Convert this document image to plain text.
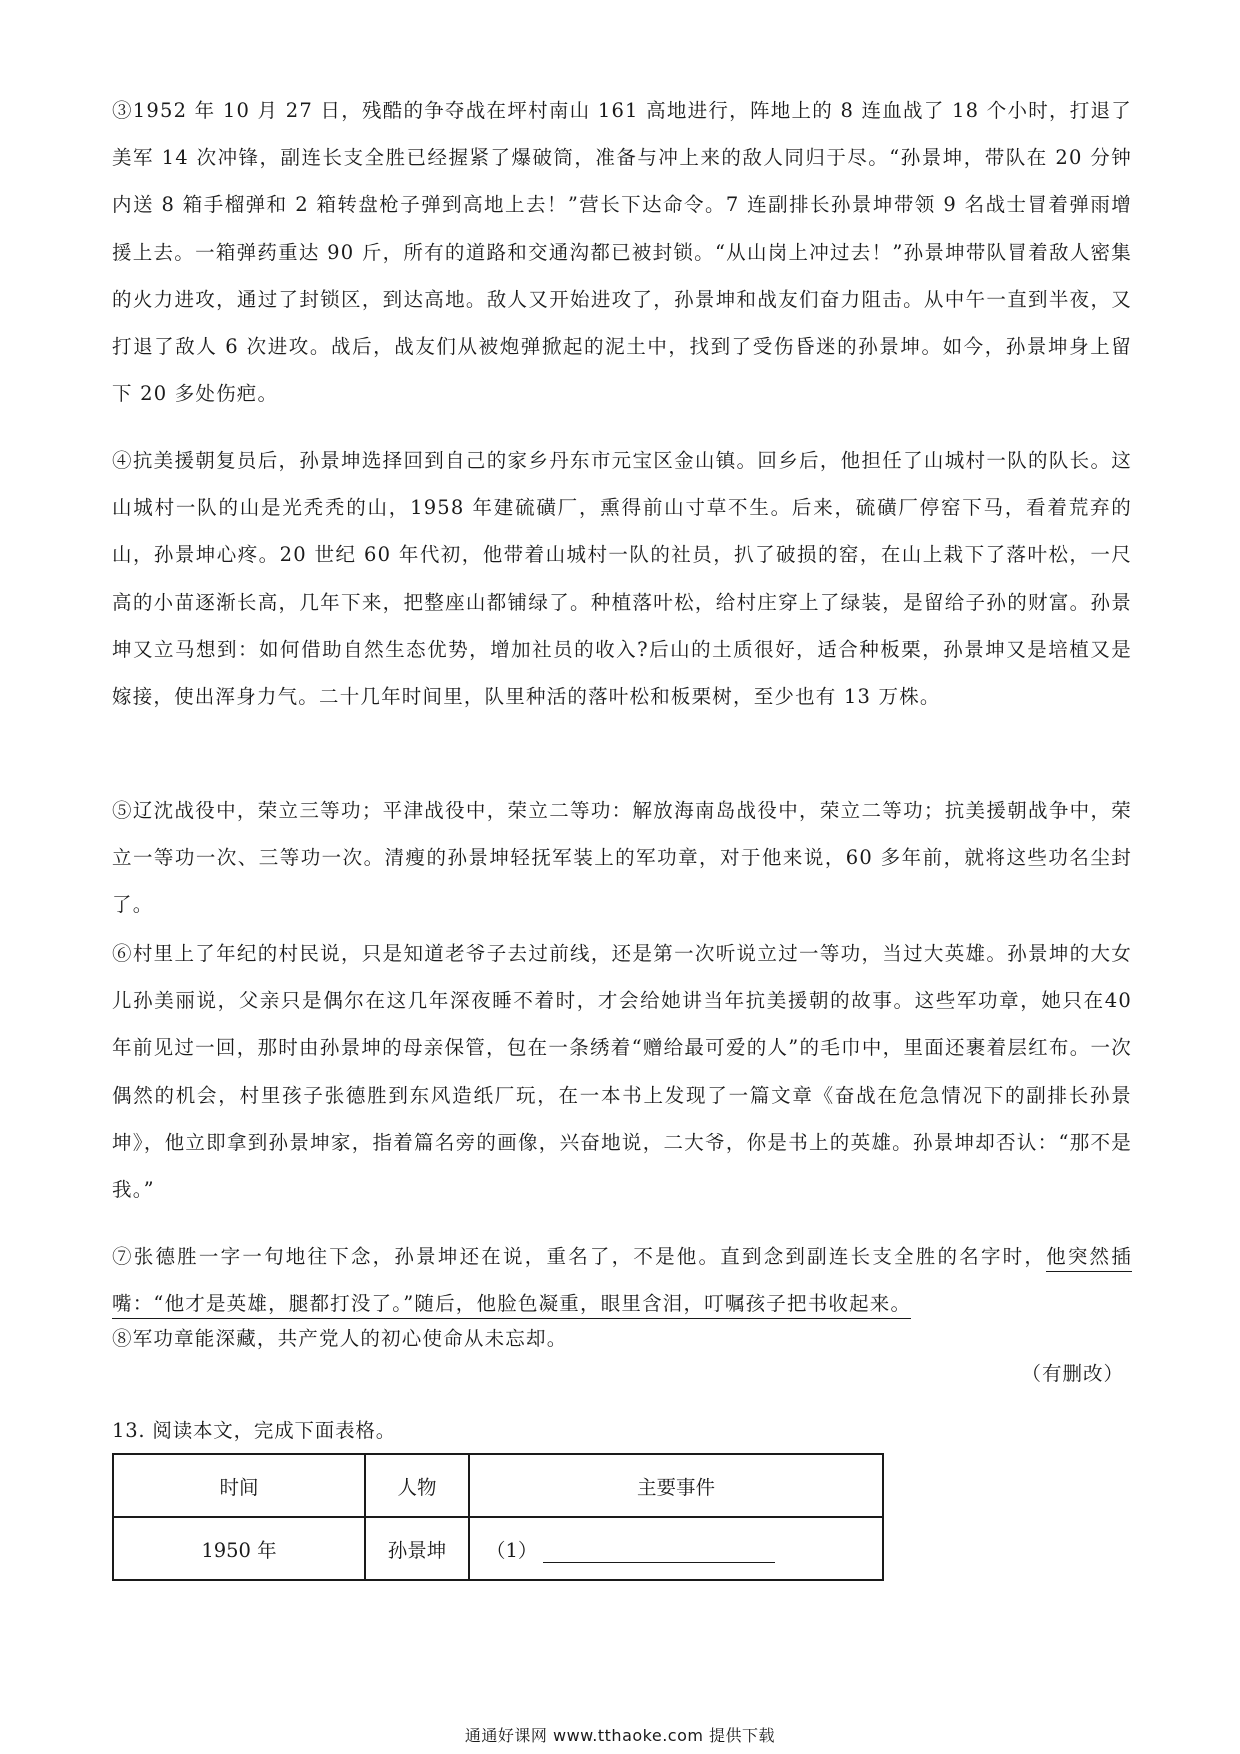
③1952 年 10 月 27 日，残酷的争夺战在坪村南山 161 高地进行，阵地上的 8 连血战了 18 个小时，打退了美军 14 次冲锋，副连长支全胜已经握紧了爆破筒，准备与冲上来的敌人同归于尽。“孙景坤，带队在 20 分钟内送 8 箱手榴弹和 2 箱转盘枪子弹到高地上去！”营长下达命令。7 连副排长孙景坤带领 9 名战士冒着弹雨增援上去。一箱弹药重达 90 斤，所有的道路和交通沟都已被封锁。“从山岗上冲过去！”孙景坤带队冒着敌人密集的火力进攻，通过了封锁区，到达高地。敌人又开始进攻了，孙景坤和战友们奋力阻击。从中午一直到半夜，又打退了敌人 6 次进攻。战后，战友们从被炮弹掀起的泥土中，找到了受伤昏迷的孙景坤。如今，孙景坤身上留下 20 多处伤疤。

④抗美援朝复员后，孙景坤选择回到自己的家乡丹东市元宝区金山镇。回乡后，他担任了山城村一队的队长。这山城村一队的山是光秃秃的山，1958 年建硫磺厂，熏得前山寸草不生。后来，硫磺厂停窑下马，看着荒弃的山，孙景坤心疼。20 世纪 60 年代初，他带着山城村一队的社员，扒了破损的窑，在山上栽下了落叶松，一尺高的小苗逐渐长高，几年下来，把整座山都铺绿了。种植落叶松，给村庄穿上了绿装，是留给子孙的财富。孙景坤又立马想到：如何借助自然生态优势，增加社员的收入?后山的土质很好，适合种板栗，孙景坤又是培植又是嫁接，使出浑身力气。二十几年时间里，队里种活的落叶松和板栗树，至少也有 13 万株。

⑤辽沈战役中，荣立三等功；平津战役中，荣立二等功：解放海南岛战役中，荣立二等功；抗美援朝战争中，荣立一等功一次、三等功一次。清瘦的孙景坤轻抚军装上的军功章，对于他来说，60 多年前，就将这些功名尘封了。

⑥村里上了年纪的村民说，只是知道老爷子去过前线，还是第一次听说立过一等功，当过大英雄。孙景坤的大女儿孙美丽说，父亲只是偶尔在这几年深夜睡不着时，才会给她讲当年抗美援朝的故事。这些军功章，她只在40年前见过一回，那时由孙景坤的母亲保管，包在一条绣着“赠给最可爱的人”的毛巾中，里面还裹着层红布。一次偶然的机会，村里孩子张德胜到东风造纸厂玩，在一本书上发现了一篇文章《奋战在危急情况下的副排长孙景坤》，他立即拿到孙景坤家，指着篇名旁的画像，兴奋地说，二大爷，你是书上的英雄。孙景坤却否认：“那不是我。”

⑦张德胜一字一句地往下念，孙景坤还在说，重名了，不是他。直到念到副连长支全胜的名字时，他突然插嘴：“他才是英雄，腿都打没了。”随后，他脸色凝重，眼里含泪，叮嘱孩子把书收起来。

⑧军功章能深藏，共产党人的初心使命从未忘却。

（有删改）
13. 阅读本文，完成下面表格。
时间	人物	主要事件
1950 年	孙景坤	（1）
通通好课网 www.tthaoke.com 提供下载
